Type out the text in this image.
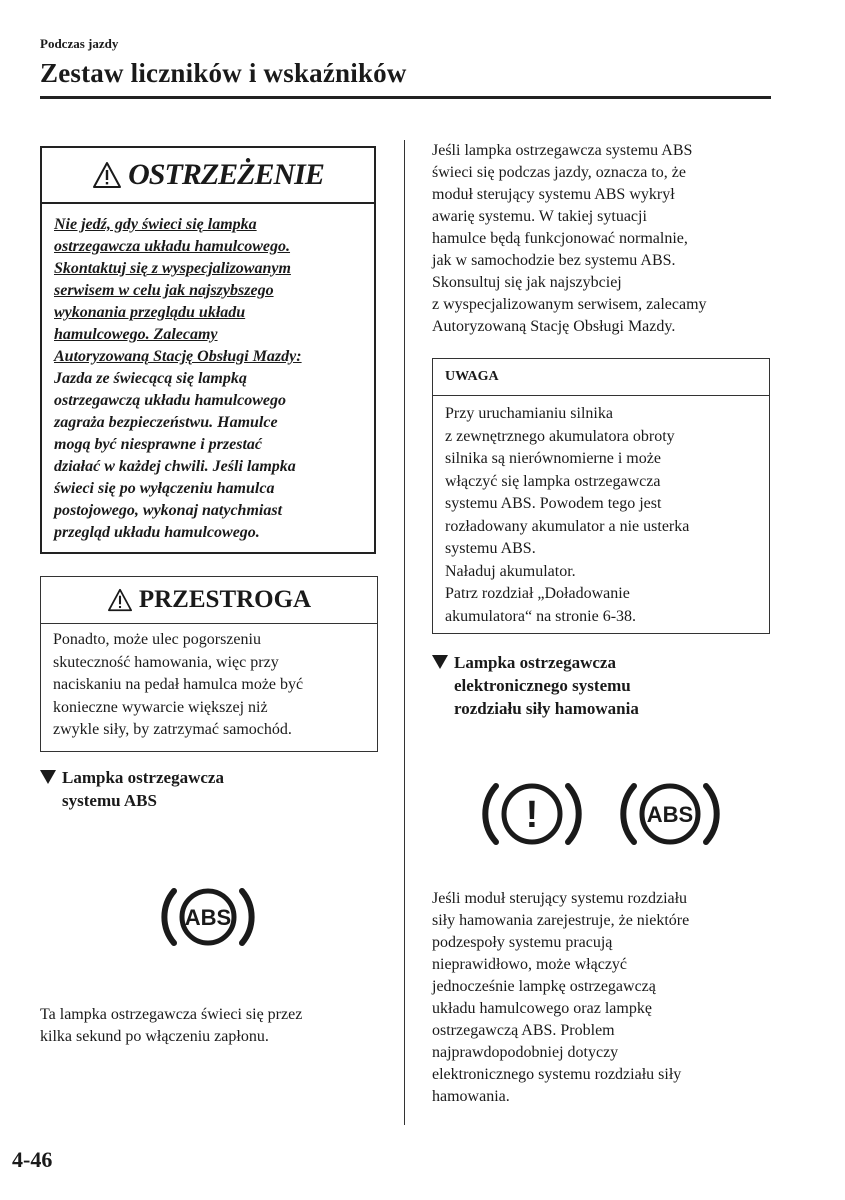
Podczas jazdy
Zestaw liczników i wskaźników
OSTRZEŻENIE
Nie jedź, gdy świeci się lampka
ostrzegawcza układu hamulcowego.
Skontaktuj się z wyspecjalizowanym
serwisem w celu jak najszybszego
wykonania przeglądu układu
hamulcowego. Zalecamy
Autoryzowaną Stację Obsługi Mazdy:
Jazda ze świecącą się lampką
ostrzegawczą układu hamulcowego
zagraża bezpieczeństwu. Hamulce
mogą być niesprawne i przestać
działać w każdej chwili. Jeśli lampka
świeci się po wyłączeniu hamulca
postojowego, wykonaj natychmiast
przegląd układu hamulcowego.
PRZESTROGA
Ponadto, może ulec pogorszeniu
skuteczność hamowania, więc przy
naciskaniu na pedał hamulca może być
konieczne wywarcie większej niż
zwykle siły, by zatrzymać samochód.
Lampka ostrzegawcza
systemu ABS
ABS
Ta lampka ostrzegawcza świeci się przez
kilka sekund po włączeniu zapłonu.
Jeśli lampka ostrzegawcza systemu ABS
świeci się podczas jazdy, oznacza to, że
moduł sterujący systemu ABS wykrył
awarię systemu. W takiej sytuacji
hamulce będą funkcjonować normalnie,
jak w samochodzie bez systemu ABS.
Skonsultuj się jak najszybciej
z wyspecjalizowanym serwisem, zalecamy
Autoryzowaną Stację Obsługi Mazdy.
UWAGA
Przy uruchamianiu silnika
z zewnętrznego akumulatora obroty
silnika są nierównomierne i może
włączyć się lampka ostrzegawcza
systemu ABS. Powodem tego jest
rozładowany akumulator a nie usterka
systemu ABS.
Naładuj akumulator.
Patrz rozdział „Doładowanie
akumulatora“ na stronie 6-38.
Lampka ostrzegawcza
elektronicznego systemu
rozdziału siły hamowania
!	ABS
Jeśli moduł sterujący systemu rozdziału
siły hamowania zarejestruje, że niektóre
podzespoły systemu pracują
nieprawidłowo, może włączyć
jednocześnie lampkę ostrzegawczą
układu hamulcowego oraz lampkę
ostrzegawczą ABS. Problem
najprawdopodobniej dotyczy
elektronicznego systemu rozdziału siły
hamowania.
4-46
